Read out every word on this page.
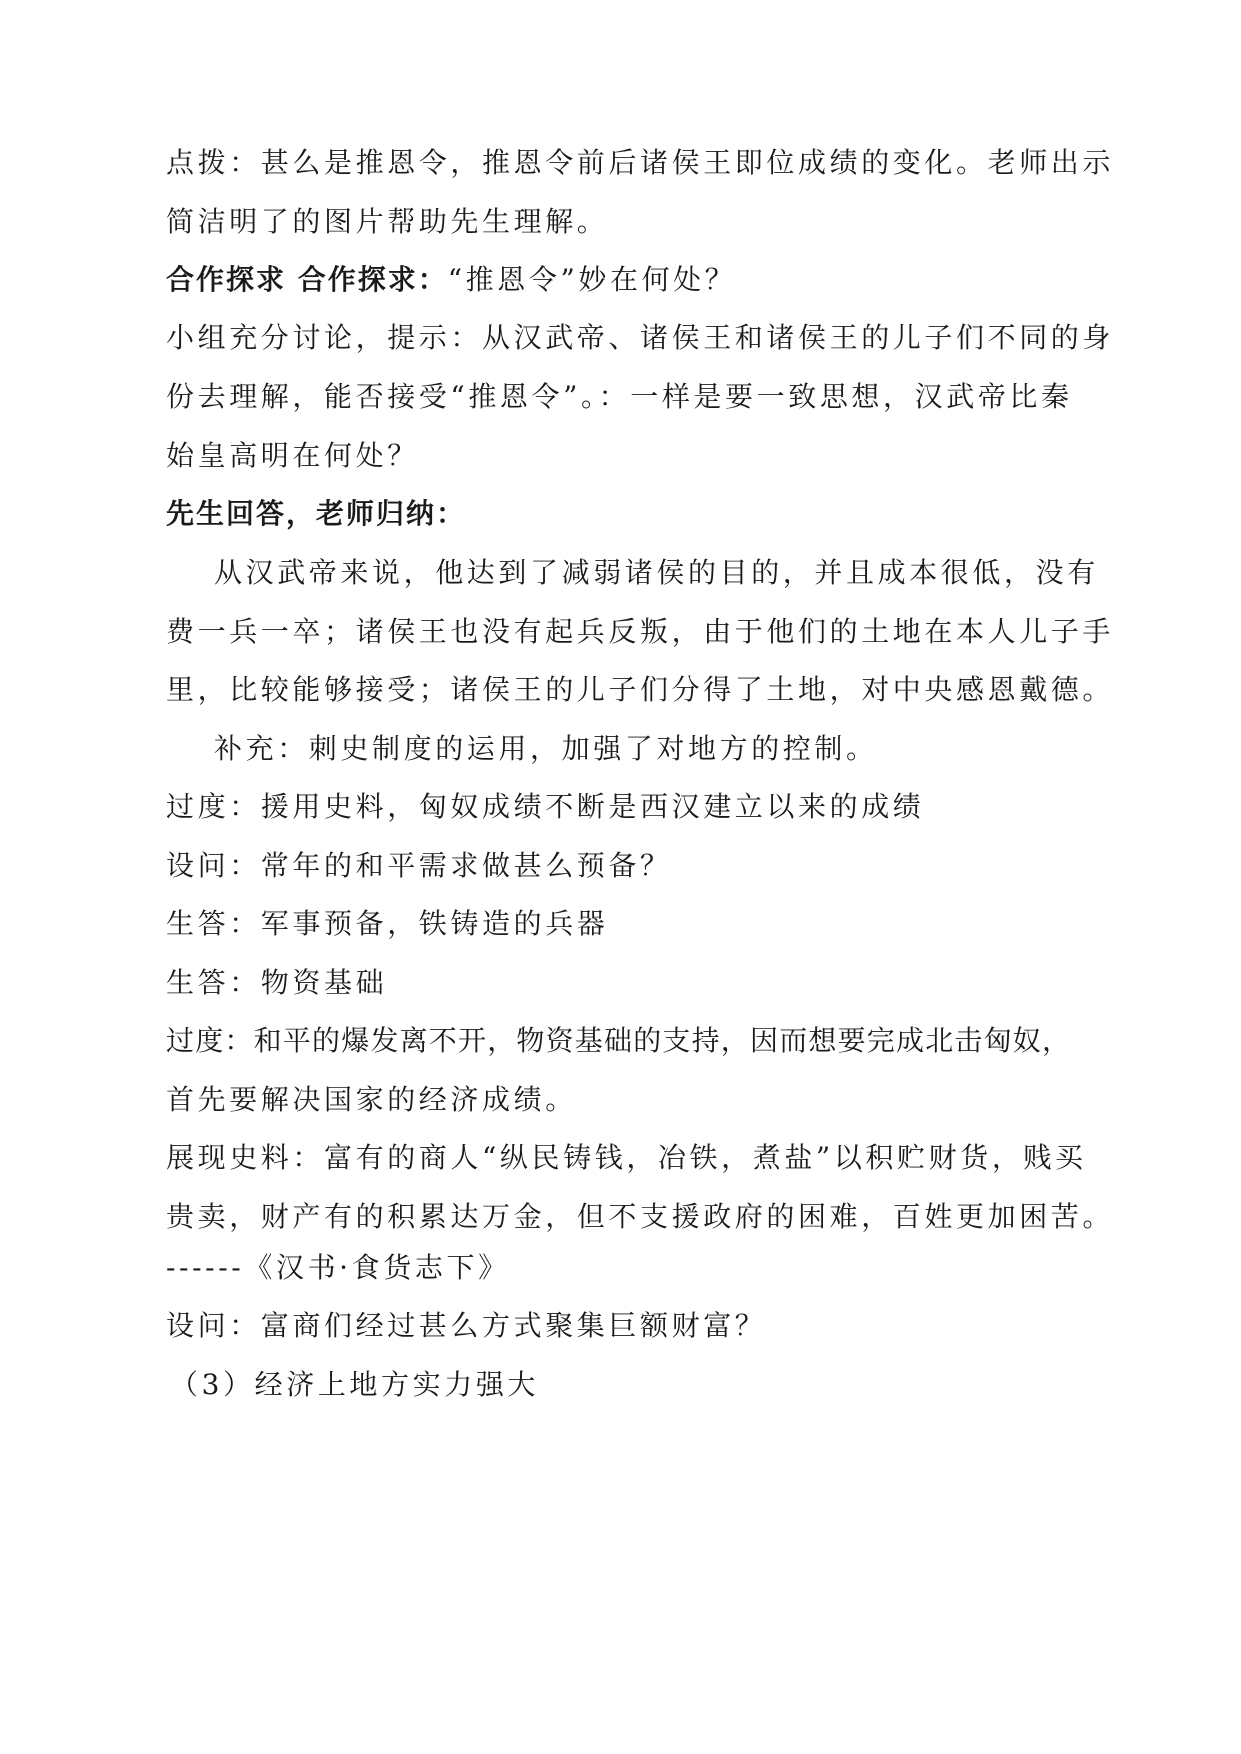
点拨：甚么是推恩令，推恩令前后诸侯王即位成绩的变化。老师出示
简洁明了的图片帮助先生理解。
合作探求 合作探求：“推恩令”妙在何处？
小组充分讨论，提示：从汉武帝、诸侯王和诸侯王的儿子们不同的身
份去理解，能否接受“推恩令”。：一样是要一致思想，汉武帝比秦
始皇高明在何处？
先生回答，老师归纳：
从汉武帝来说，他达到了减弱诸侯的目的，并且成本很低，没有
费一兵一卒；诸侯王也没有起兵反叛，由于他们的土地在本人儿子手
里，比较能够接受；诸侯王的儿子们分得了土地，对中央感恩戴德。
补充：刺史制度的运用，加强了对地方的控制。
过度：援用史料，匈奴成绩不断是西汉建立以来的成绩
设问：常年的和平需求做甚么预备？
生答：军事预备，铁铸造的兵器
生答：物资基础
过度：和平的爆发离不开，物资基础的支持，因而想要完成北击匈奴，
首先要解决国家的经济成绩。
展现史料：富有的商人“纵民铸钱，冶铁，煮盐”以积贮财货，贱买
贵卖，财产有的积累达万金，但不支援政府的困难，百姓更加困苦。
------《汉书·食货志下》
设问：富商们经过甚么方式聚集巨额财富？
（3）经济上地方实力强大
